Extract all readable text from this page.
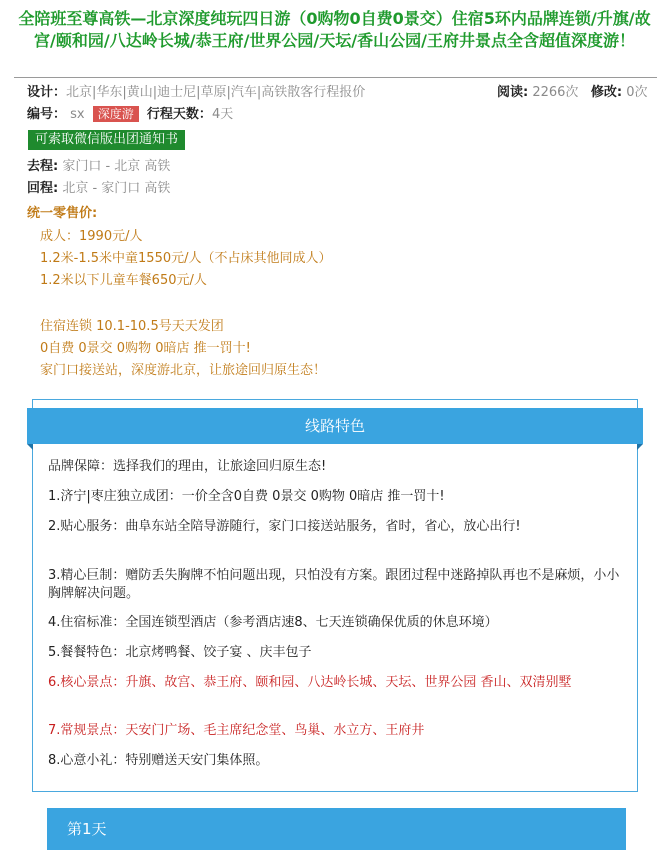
全陪班至尊高铁—北京深度纯玩四日游（0购物0自费0景交）住宿5环内品牌连锁/升旗/故宫/颐和园/八达岭长城/恭王府/世界公园/天坛/香山公园/王府井景点全含超值深度游！
设计：北京|华东|黄山|迪士尼|草原|汽车|高铁散客行程报价	阅读: 2266次 修改: 0次
编号： sx 深度游 行程天数：4天
可索取微信版出团通知书
去程: 家门口 - 北京 高铁
回程: 北京 - 家门口 高铁
统一零售价:
成人：1990元/人
1.2米-1.5米中童1550元/人（不占床其他同成人）
1.2米以下儿童车餐650元/人
住宿连锁 10.1-10.5号天天发团
0自费 0景交 0购物 0暗店 推一罚十!
家门口接送站，深度游北京，让旅途回归原生态！
线路特色
品牌保障：选择我们的理由，让旅途回归原生态!
1.济宁|枣庄独立成团：一价全含0自费 0景交 0购物 0暗店 推一罚十!
2.贴心服务：曲阜东站全陪导游随行，家门口接送站服务，省时，省心，放心出行!
3.精心巨制：赠防丢失胸牌不怕问题出现，只怕没有方案。跟团过程中迷路掉队再也不是麻烦，小小胸牌解决问题。
4.住宿标准：全国连锁型酒店（参考酒店速8、七天连锁确保优质的休息环境）
5.餐餐特色：北京烤鸭餐、饺子宴 、庆丰包子
6.核心景点：升旗、故宫、恭王府、颐和园、八达岭长城、天坛、世界公园 香山、双清别墅
7.常规景点：天安门广场、毛主席纪念堂、鸟巢、水立方、王府井
8.心意小礼：特别赠送天安门集体照。
第1天
